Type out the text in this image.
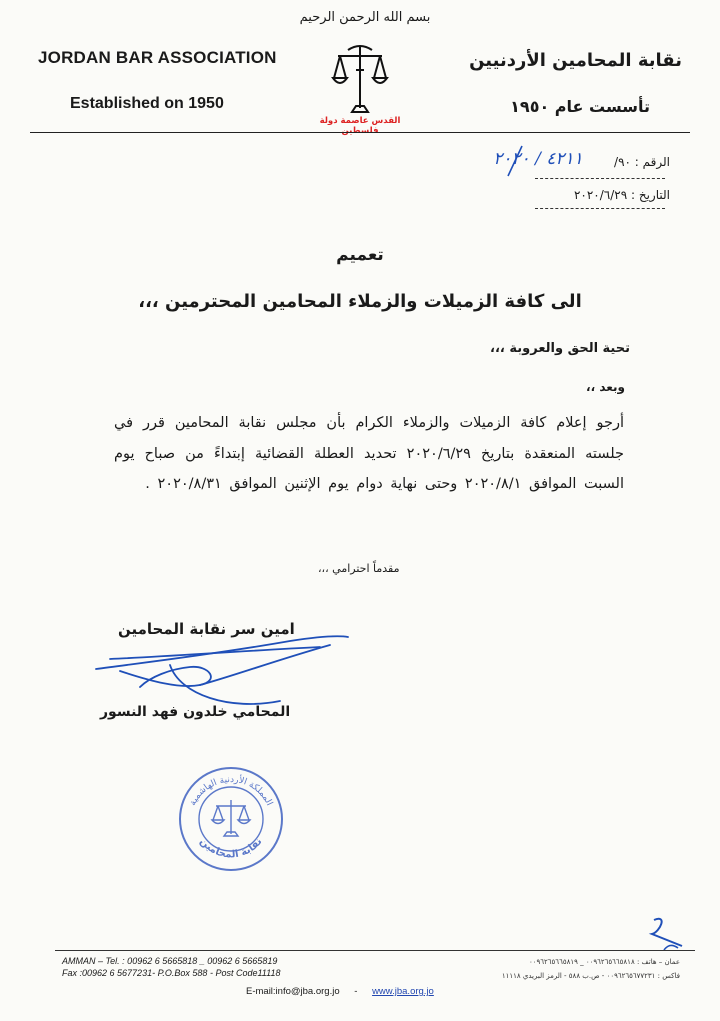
JORDAN BAR ASSOCIATION
Established on 1950
نقابة المحامين الأردنيين
تأسست عام ١٩٥٠
بسم الله الرحمن الرحيم
القدس عاصمة دولة فلسطين
الرقم : ٩٠/
٤٢١١ / ٢٠٢٠
التاريخ : ٢٠٢٠/٦/٢٩
تعميم
الى كافة الزميلات والزملاء المحامين المحترمين ،،،
تحية الحق والعروبة ،،،
وبعد ،،
أرجو إعلام كافة الزميلات والزملاء الكرام بأن مجلس نقابة المحامين قرر في جلسته المنعقدة بتاريخ ٢٠٢٠/٦/٢٩ تحديد العطلة القضائية إبتداءً من صباح يوم السبت الموافق ٢٠٢٠/٨/١ وحتى نهاية دوام يوم الإثنين الموافق ٢٠٢٠/٨/٣١ .
مقدماً احترامي ،،،
امين سر نقابة المحامين
المحامي خلدون فهد النسور
المملكة الأردنية الهاشمية
نقابة المحامين
AMMAN – Tel. : 00962 6 5665818 _ 00962 6 5665819
Fax :00962 6 5677231- P.O.Box 588 - Post Code11118
عمان – هاتف : ٠٠٩٦٢٦٥٦٦٥٨١٨ _ ٠٠٩٦٢٦٥٦٦٥٨١٩
فاكس : ٠٠٩٦٢٦٥٦٧٧٢٣١ - ص.ب ٥٨٨ - الرمز البريدي ١١١١٨
E-mail:info@jba.org.jo - www.jba.org.jo
